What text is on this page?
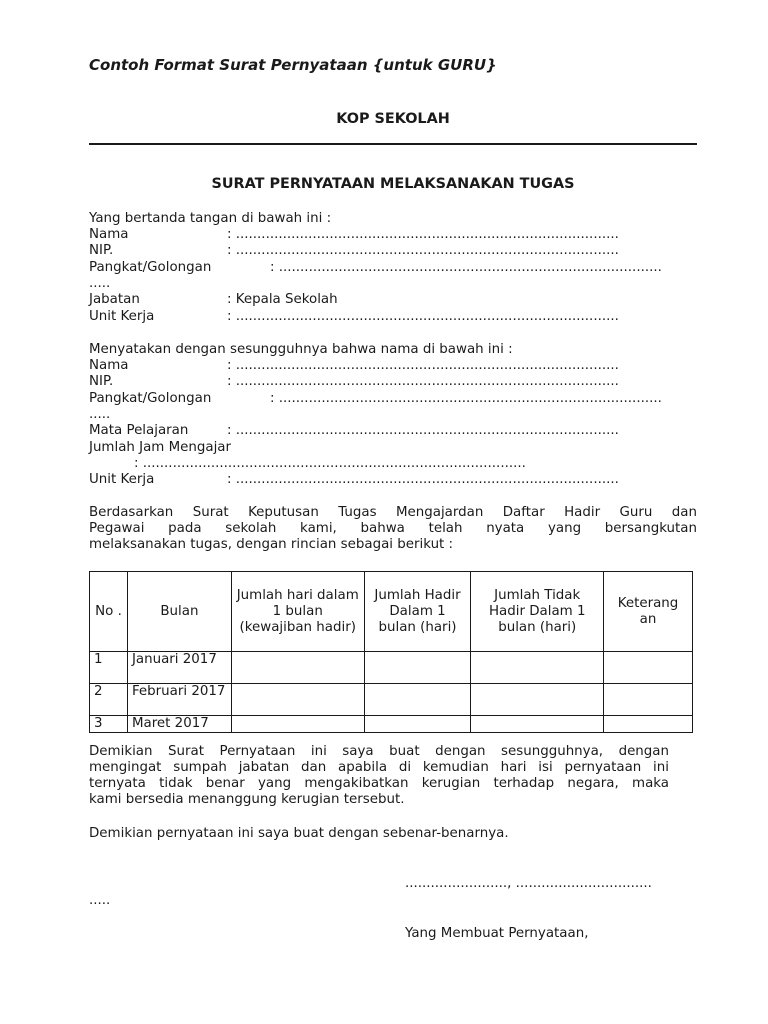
Contoh Format Surat Pernyataan {untuk GURU}
KOP SEKOLAH
SURAT PERNYATAAN MELAKSANAKAN TUGAS
Yang bertanda tangan di bawah ini :
Nama	: ..........................................................................................
NIP.	: ..........................................................................................
Pangkat/Golongan	: ..........................................................................................
.....
Jabatan	: Kepala Sekolah
Unit Kerja	: ..........................................................................................
Menyatakan dengan sesungguhnya bahwa nama di bawah ini :
Nama	: ..........................................................................................
NIP.	: ..........................................................................................
Pangkat/Golongan	: ..........................................................................................
.....
Mata Pelajaran	: ..........................................................................................
Jumlah Jam Mengajar
: ..........................................................................................
Unit Kerja	: ..........................................................................................
Berdasarkan Surat Keputusan Tugas Mengajardan Daftar Hadir Guru dan
Pegawai pada sekolah kami, bahwa telah nyata yang bersangkutan
melaksanakan tugas, dengan rincian sebagai berikut :
No .	Bulan	Jumlah hari dalam 1 bulan (kewajiban hadir)	Jumlah Hadir Dalam 1 bulan (hari)	Jumlah Tidak Hadir Dalam 1 bulan (hari)	Keterang an
1	Januari 2017				
2	Februari 2017				
3	Maret 2017				
Demikian Surat Pernyataan ini saya buat dengan sesungguhnya, dengan
mengingat sumpah jabatan dan apabila di kemudian hari isi pernyataan ini
ternyata tidak benar yang mengakibatkan kerugian terhadap negara, maka
kami bersedia menanggung kerugian tersebut.
Demikian pernyataan ini saya buat dengan sebenar-benarnya.
........................, ................................
.....
Yang Membuat Pernyataan,
